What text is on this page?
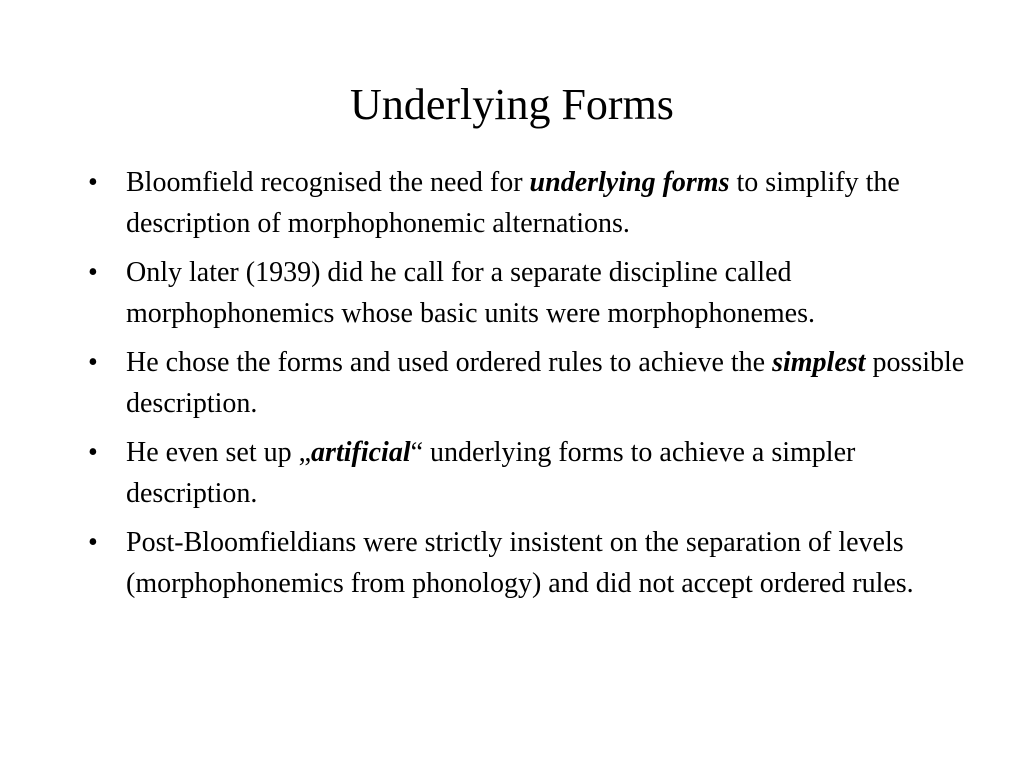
Underlying Forms
• Bloomfield recognised the need for underlying forms to simplify the description of morphophonemic alternations.
• Only later (1939) did he call for a separate discipline called morphophonemics whose basic units were morphophonemes.
• He chose the forms and used ordered rules to achieve the simplest possible description.
• He even set up „artificial“ underlying forms to achieve a simpler description.
• Post-Bloomfieldians were strictly insistent on the separation of levels (morphophonemics from phonology) and did not accept ordered rules.
